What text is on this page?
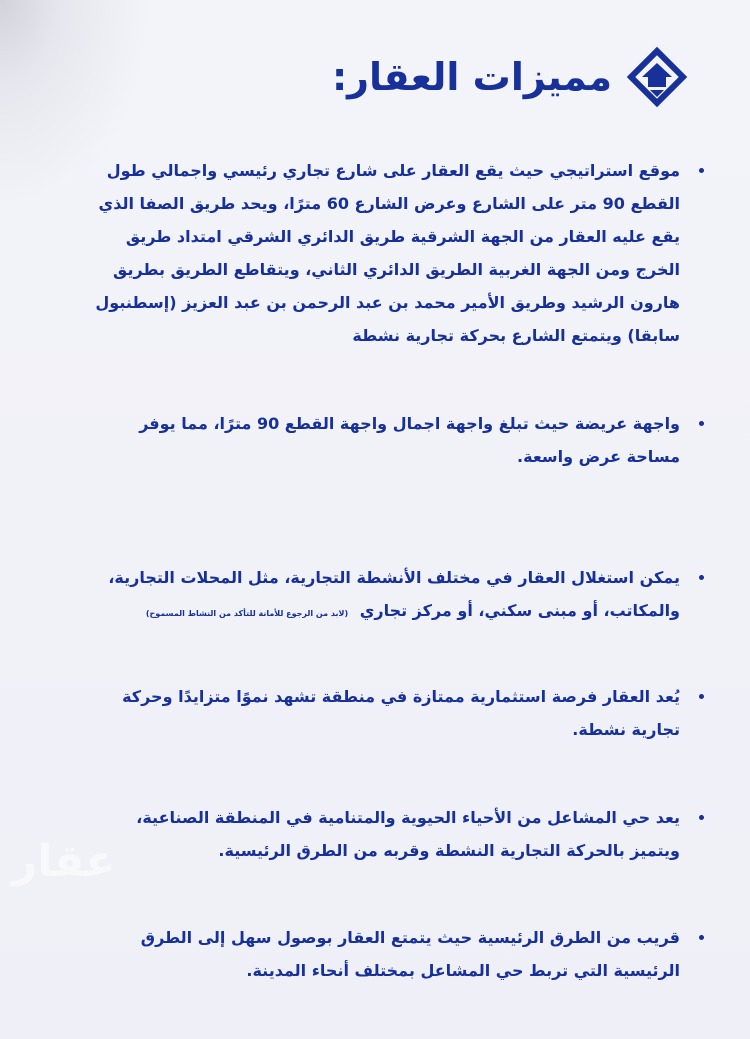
مميزات العقار:
موقع استراتيجي حيث يقع العقار على شارع تجاري رئيسي واجمالي طول القطع 90 متر على الشارع وعرض الشارع 60 مترًا، ويحد طريق الصفا الذي يقع عليه العقار من الجهة الشرقية طريق الدائري الشرقي امتداد طريق الخرج ومن الجهة الغربية الطريق الدائري الثاني، ويتقاطع الطريق بطريق هارون الرشيد وطريق الأمير محمد بن عبد الرحمن بن عبد العزيز (إسطنبول سابقا) ويتمتع الشارع بحركة تجارية نشطة
واجهة عريضة حيث تبلغ واجهة اجمال واجهة القطع 90 مترًا، مما يوفر مساحة عرض واسعة.
يمكن استغلال العقار في مختلف الأنشطة التجارية، مثل المحلات التجارية، والمكاتب، أو مبنى سكني، أو مركز تجاري (لابد من الرجوع للأمانة للتأكد من النشاط المسموح)
يُعد العقار فرصة استثمارية ممتازة في منطقة تشهد نموًا متزايدًا وحركة تجارية نشطة.
يعد حي المشاعل من الأحياء الحيوية والمتنامية في المنطقة الصناعية، ويتميز بالحركة التجارية النشطة وقربه من الطرق الرئيسية.
قريب من الطرق الرئيسية حيث يتمتع العقار بوصول سهل إلى الطرق الرئيسية التي تربط حي المشاعل بمختلف أنحاء المدينة.
عقار
